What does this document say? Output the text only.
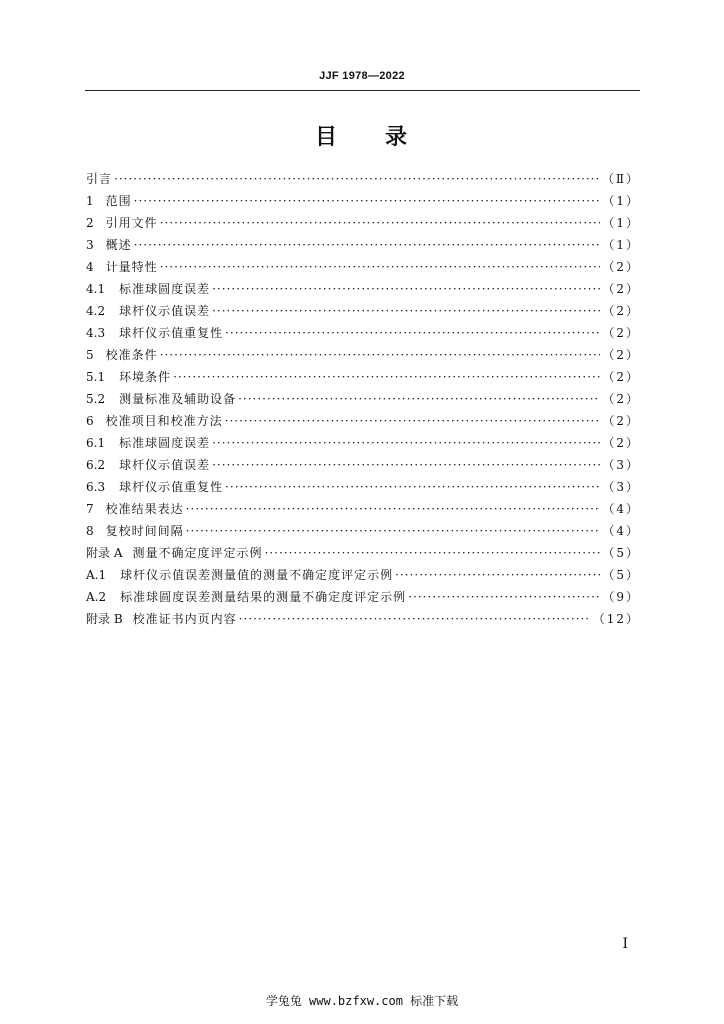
JJF 1978—2022
目 录
引言 ·····	（Ⅱ）
1 范围 ·····	（1）
2 引用文件 ·····	（1）
3 概述 ·····	（1）
4 计量特性 ·····	（2）
4.1 标准球圆度误差 ·····	（2）
4.2 球杆仪示值误差 ·····	（2）
4.3 球杆仪示值重复性 ·····	（2）
5 校准条件 ·····	（2）
5.1 环境条件 ·····	（2）
5.2 测量标准及辅助设备 ·····	（2）
6 校准项目和校准方法 ·····	（2）
6.1 标准球圆度误差 ·····	（2）
6.2 球杆仪示值误差 ·····	（3）
6.3 球杆仪示值重复性 ·····	（3）
7 校准结果表达 ·····	（4）
8 复校时间间隔 ·····	（4）
附录 A 测量不确定度评定示例 ·····	（5）
A.1 球杆仪示值误差测量值的测量不确定度评定示例 ·····	（5）
A.2 标准球圆度误差测量结果的测量不确定度评定示例 ·····	（9）
附录 B 校准证书内页内容 ·····	（12）
I
学兔兔 www.bzfxw.com 标准下载
